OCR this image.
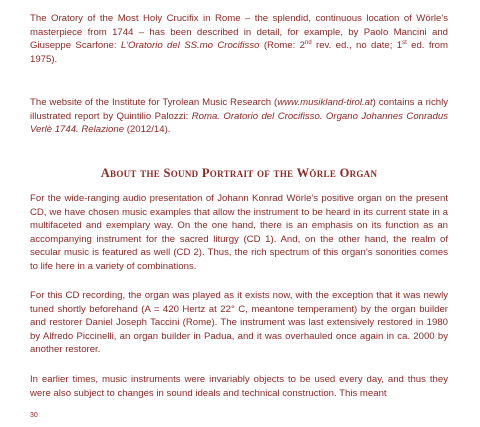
The Oratory of the Most Holy Crucifix in Rome – the splendid, continuous location of Wörle's masterpiece from 1744 – has been described in detail, for example, by Paolo Mancini and Giuseppe Scarfone: L'Oratorio del SS.mo Crocifisso (Rome: 2nd rev. ed., no date; 1st ed. from 1975).

The website of the Institute for Tyrolean Music Research (www.musikland-tirol.at) contains a richly illustrated report by Quintilio Palozzi: Roma. Oratorio del Crocifisso. Organo Johannes Conradus Verlè 1744. Relazione (2012/14).

About the Sound Portrait of the Wörle Organ

For the wide-ranging audio presentation of Johann Konrad Wörle's positive organ on the present CD, we have chosen music examples that allow the instrument to be heard in its current state in a multifaceted and exemplary way. On the one hand, there is an emphasis on its function as an accompanying instrument for the sacred liturgy (CD 1). And, on the other hand, the realm of secular music is featured as well (CD 2). Thus, the rich spectrum of this organ's sonorities comes to life here in a variety of combinations.

For this CD recording, the organ was played as it exists now, with the exception that it was newly tuned shortly beforehand (A = 420 Hertz at 22° C, meantone temperament) by the organ builder and restorer Daniel Joseph Taccini (Rome). The instrument was last extensively restored in 1980 by Alfredo Piccinelli, an organ builder in Padua, and it was overhauled once again in ca. 2000 by another restorer.

In earlier times, music instruments were invariably objects to be used every day, and thus they were also subject to changes in sound ideals and technical construction. This meant

30
